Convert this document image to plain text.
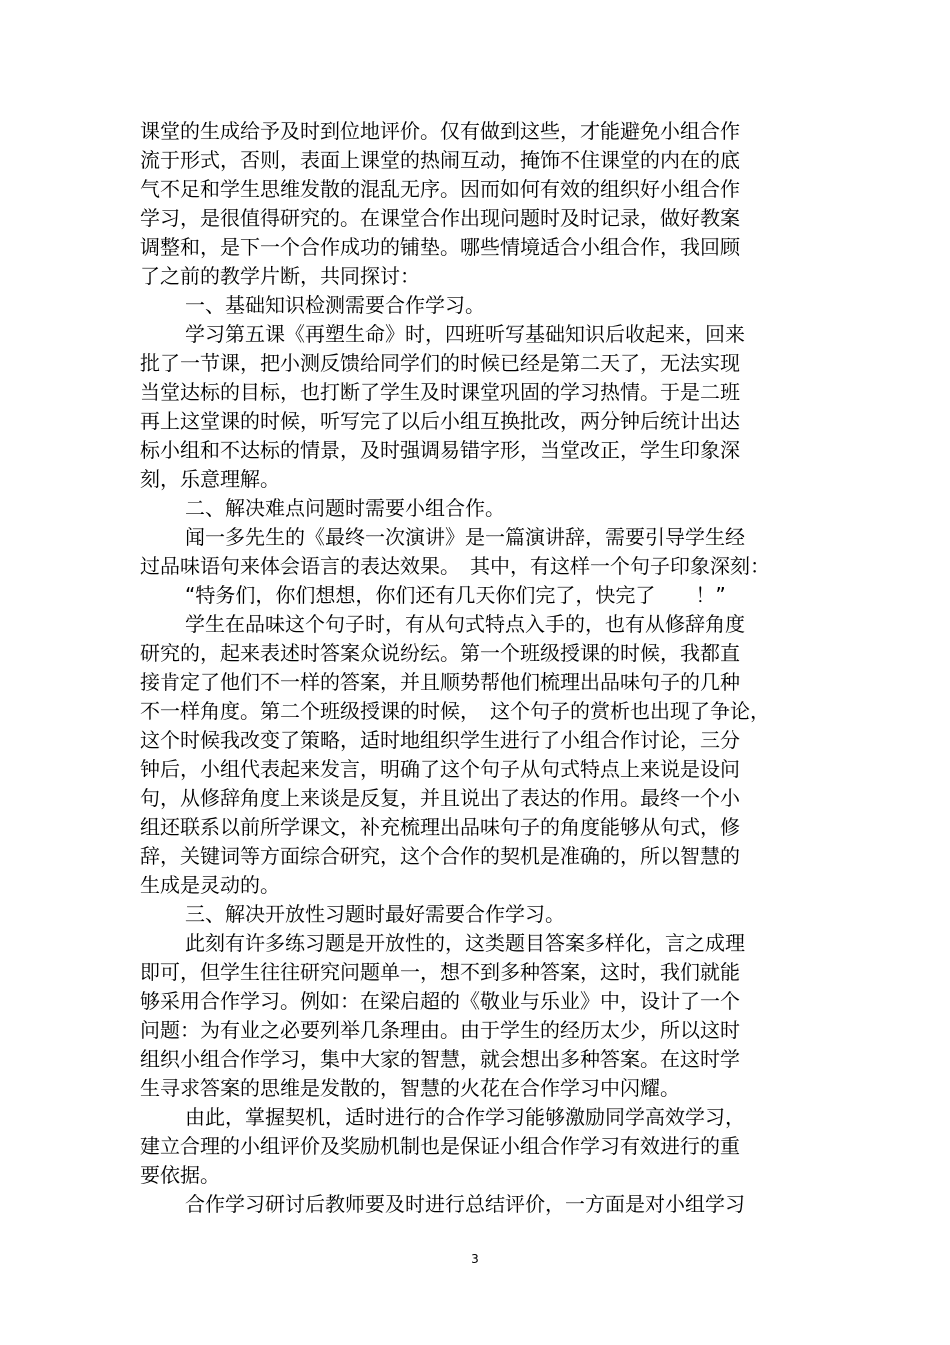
课堂的生成给予及时到位地评价。仅有做到这些，才能避免小组合作
流于形式，否则，表面上课堂的热闹互动，掩饰不住课堂的内在的底
气不足和学生思维发散的混乱无序。因而如何有效的组织好小组合作
学习，是很值得研究的。在课堂合作出现问题时及时记录，做好教案
调整和，是下一个合作成功的铺垫。哪些情境适合小组合作，我回顾
了之前的教学片断，共同探讨：
一、基础知识检测需要合作学习。
学习第五课《再塑生命》时，四班听写基础知识后收起来，回来
批了一节课，把小测反馈给同学们的时候已经是第二天了，无法实现
当堂达标的目标，也打断了学生及时课堂巩固的学习热情。于是二班
再上这堂课的时候，听写完了以后小组互换批改，两分钟后统计出达
标小组和不达标的情景，及时强调易错字形，当堂改正，学生印象深
刻，乐意理解。
二、解决难点问题时需要小组合作。
闻一多先生的《最终一次演讲》是一篇演讲辞，需要引导学生经
过品味语句来体会语言的表达效果。　其中，有这样一个句子印象深刻：
“特务们，你们想想，你们还有几天你们完了，快完了　　！”
学生在品味这个句子时，有从句式特点入手的，也有从修辞角度
研究的，起来表述时答案众说纷纭。第一个班级授课的时候，我都直
接肯定了他们不一样的答案，并且顺势帮他们梳理出品味句子的几种
不一样角度。第二个班级授课的时候，　这个句子的赏析也出现了争论，
这个时候我改变了策略，适时地组织学生进行了小组合作讨论，三分
钟后，小组代表起来发言，明确了这个句子从句式特点上来说是设问
句，从修辞角度上来谈是反复，并且说出了表达的作用。最终一个小
组还联系以前所学课文，补充梳理出品味句子的角度能够从句式，修
辞，关键词等方面综合研究，这个合作的契机是准确的，所以智慧的
生成是灵动的。
三、解决开放性习题时最好需要合作学习。
此刻有许多练习题是开放性的，这类题目答案多样化，言之成理
即可，但学生往往研究问题单一，想不到多种答案，这时，我们就能
够采用合作学习。例如：在梁启超的《敬业与乐业》中，设计了一个
问题：为有业之必要列举几条理由。由于学生的经历太少，所以这时
组织小组合作学习，集中大家的智慧，就会想出多种答案。在这时学
生寻求答案的思维是发散的，智慧的火花在合作学习中闪耀。
由此，掌握契机，适时进行的合作学习能够激励同学高效学习，
建立合理的小组评价及奖励机制也是保证小组合作学习有效进行的重
要依据。
合作学习研讨后教师要及时进行总结评价，一方面是对小组学习
3
